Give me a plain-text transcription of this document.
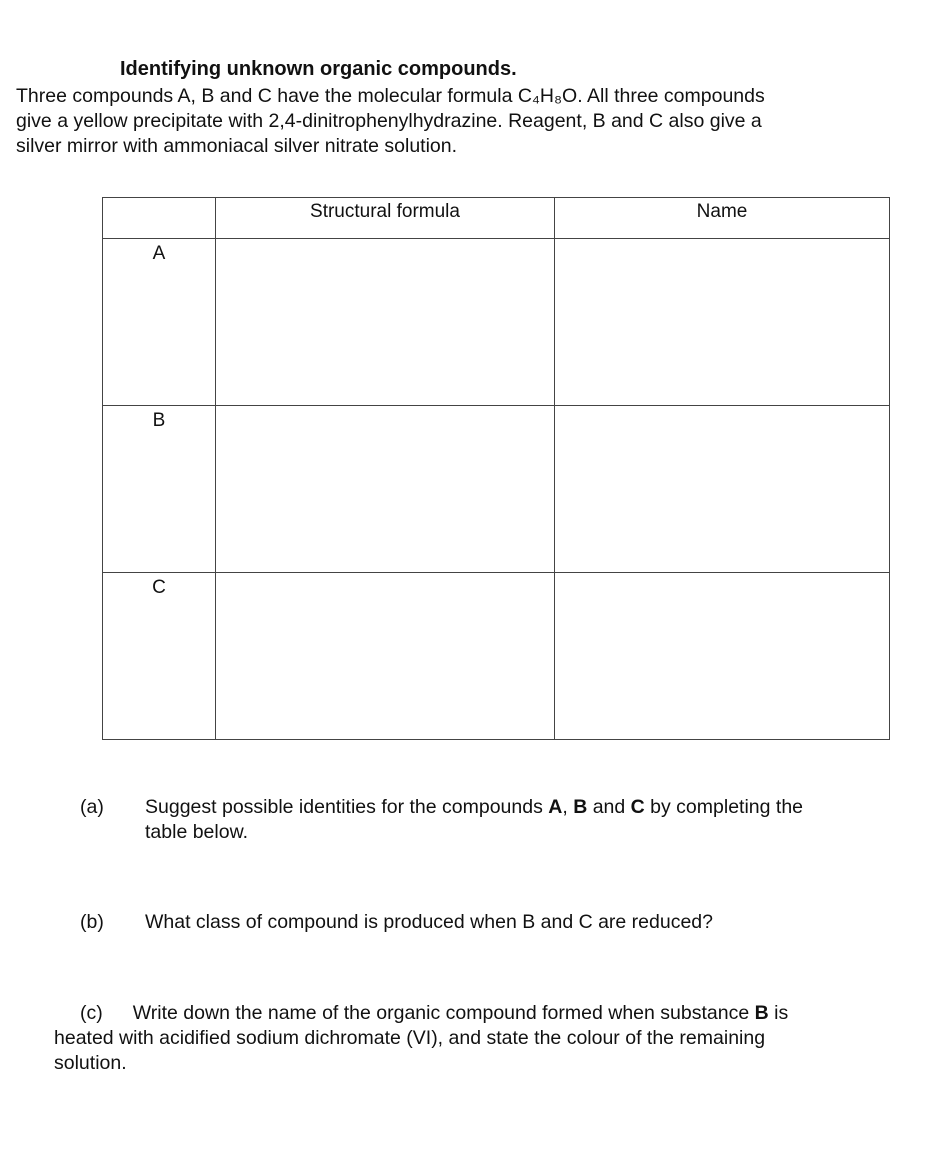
Identifying unknown organic compounds.
Three compounds A, B and C have the molecular formula C₄H₈O. All three compounds
give a yellow precipitate with 2,4-dinitrophenylhydrazine. Reagent, B and C also give a
silver mirror with ammoniacal silver nitrate solution.
	Structural formula	Name
A		
B		
C		
(a) Suggest possible identities for the compounds A, B and C by completing the
table below.
(b) What class of compound is produced when B and C are reduced?
(c) Write down the name of the organic compound formed when substance B is
heated with acidified sodium dichromate (VI), and state the colour of the remaining
solution.
